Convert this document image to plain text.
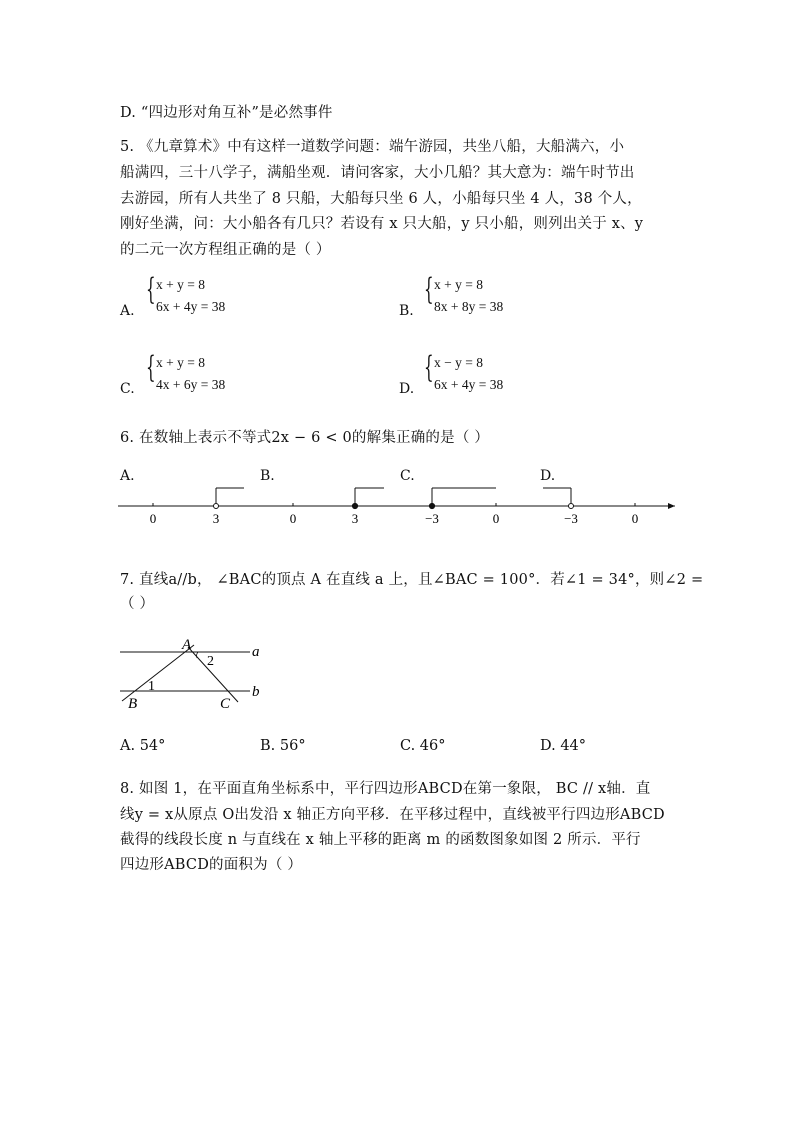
D. “四边形对角互补”是必然事件
5. 《九章算术》中有这样一道数学问题：端午游园，共坐八船，大船满六，小
船满四，三十八学子，满船坐观．请问客家，大小几船？其大意为：端午时节出
去游园，所有人共坐了 8 只船，大船每只坐 6 人，小船每只坐 4 人，38 个人，
刚好坐满，问：大小船各有几只？若设有 x 只大船，y 只小船，则列出关于 x、y
的二元一次方程组正确的是（ ）
A.
{ x + y = 8
6x + 4y = 38	B.
{ x + y = 8
8x + 8y = 38
C.
{ x + y = 8
4x + 6y = 38	D.
{ x − y = 8
6x + 4y = 38
6. 在数轴上表示不等式2x − 6 < 0的解集正确的是（ ）
A.	B.	C.	D.
0	3	0	3	−3	0	−3	0
7. 直线a//b， ∠BAC的顶点 A 在直线 a 上，且∠BAC = 100°．若∠1 = 34°，则∠2 =
（ ）
A
2
1
B	C
a
b
A. 54°	B. 56°	C. 46°	D. 44°
8. 如图 1，在平面直角坐标系中，平行四边形ABCD在第一象限， BC // x轴．直
线y = x从原点 O出发沿 x 轴正方向平移．在平移过程中，直线被平行四边形ABCD
截得的线段长度 n 与直线在 x 轴上平移的距离 m 的函数图象如图 2 所示．平行
四边形ABCD的面积为（ ）
